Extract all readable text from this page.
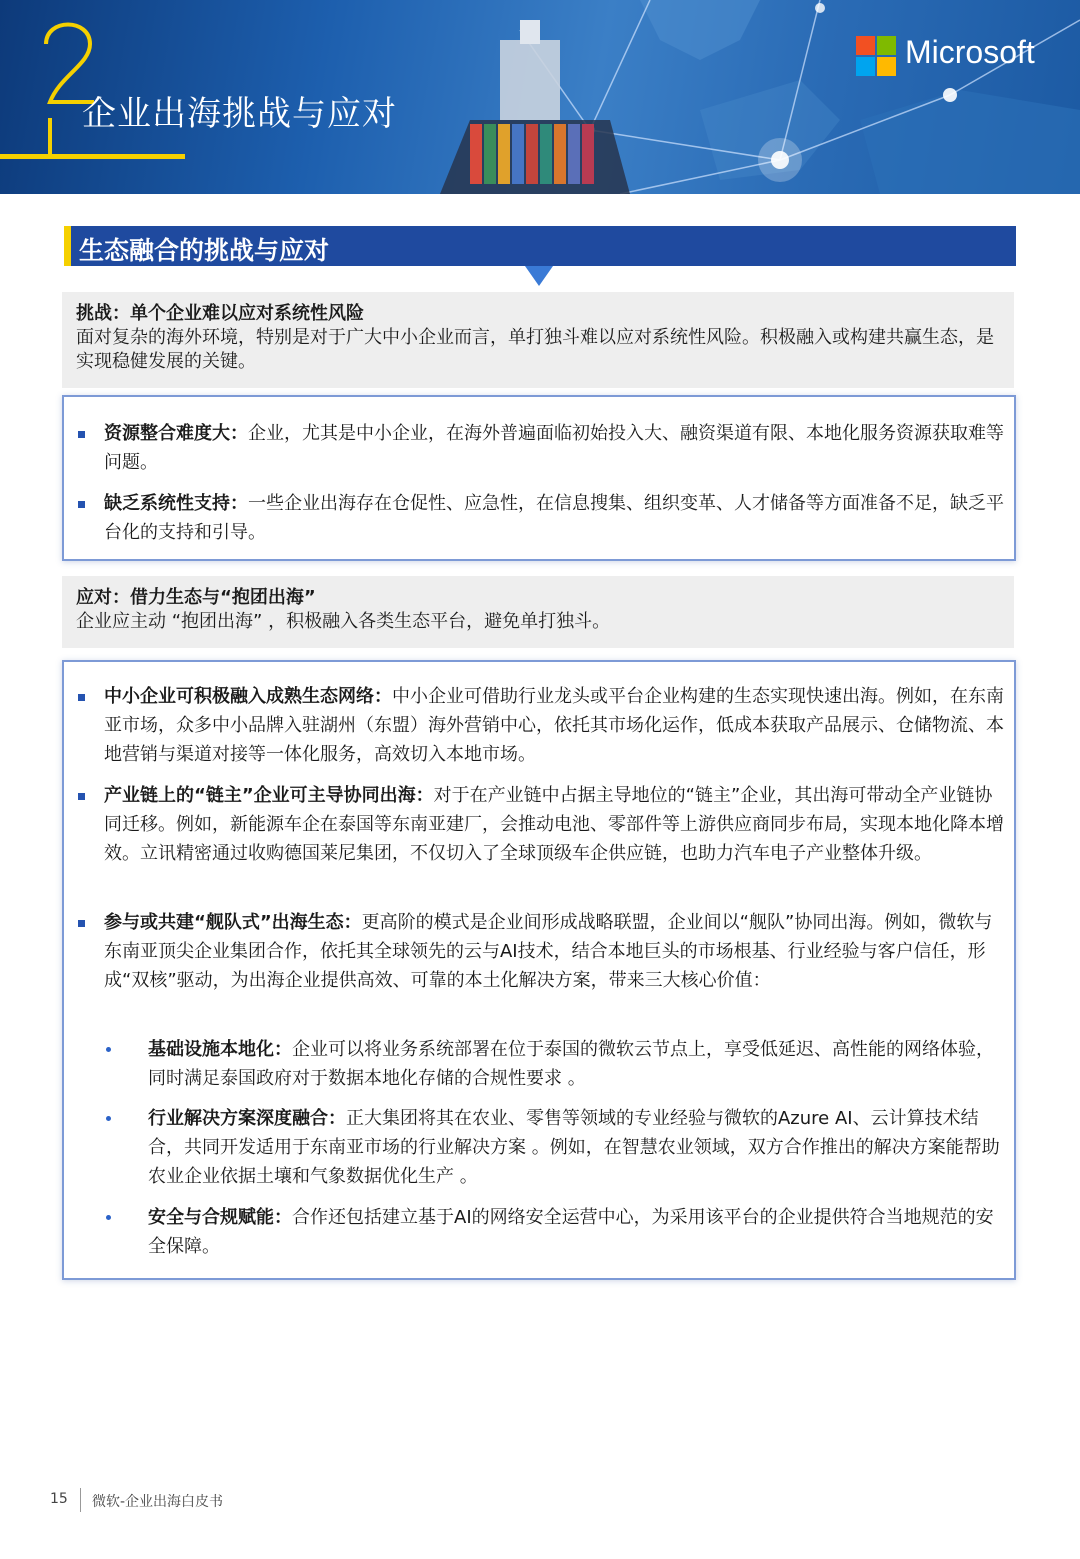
企业出海挑战与应对
Microsoft
生态融合的挑战与应对
挑战：单个企业难以应对系统性风险
面对复杂的海外环境，特别是对于广大中小企业而言，单打独斗难以应对系统性风险。积极融入或构建共赢生态，是实现稳健发展的关键。
资源整合难度大：企业，尤其是中小企业，在海外普遍面临初始投入大、融资渠道有限、本地化服务资源获取难等问题。
缺乏系统性支持：一些企业出海存在仓促性、应急性，在信息搜集、组织变革、人才储备等方面准备不足，缺乏平台化的支持和引导。
应对：借力生态与“抱团出海”
企业应主动 “抱团出海” ，积极融入各类生态平台，避免单打独斗。
中小企业可积极融入成熟生态网络：中小企业可借助行业龙头或平台企业构建的生态实现快速出海。例如，在东南亚市场，众多中小品牌入驻湖州（东盟）海外营销中心，依托其市场化运作，低成本获取产品展示、仓储物流、本地营销与渠道对接等一体化服务，高效切入本地市场。
产业链上的“链主”企业可主导协同出海：对于在产业链中占据主导地位的“链主”企业，其出海可带动全产业链协同迁移。例如，新能源车企在泰国等东南亚建厂，会推动电池、零部件等上游供应商同步布局，实现本地化降本增效。立讯精密通过收购德国莱尼集团，不仅切入了全球顶级车企供应链，也助力汽车电子产业整体升级。
参与或共建“舰队式”出海生态：更高阶的模式是企业间形成战略联盟，企业间以“舰队”协同出海。例如，微软与东南亚顶尖企业集团合作，依托其全球领先的云与AI技术，结合本地巨头的市场根基、行业经验与客户信任，形成“双核”驱动，为出海企业提供高效、可靠的本土化解决方案，带来三大核心价值：
基础设施本地化：企业可以将业务系统部署在位于泰国的微软云节点上，享受低延迟、高性能的网络体验，同时满足泰国政府对于数据本地化存储的合规性要求 。
行业解决方案深度融合：正大集团将其在农业、零售等领域的专业经验与微软的Azure AI、云计算技术结合，共同开发适用于东南亚市场的行业解决方案 。例如，在智慧农业领域，双方合作推出的解决方案能帮助农业企业依据土壤和气象数据优化生产 。
安全与合规赋能：合作还包括建立基于AI的网络安全运营中心，为采用该平台的企业提供符合当地规范的安全保障。
15 微软-企业出海白皮书
